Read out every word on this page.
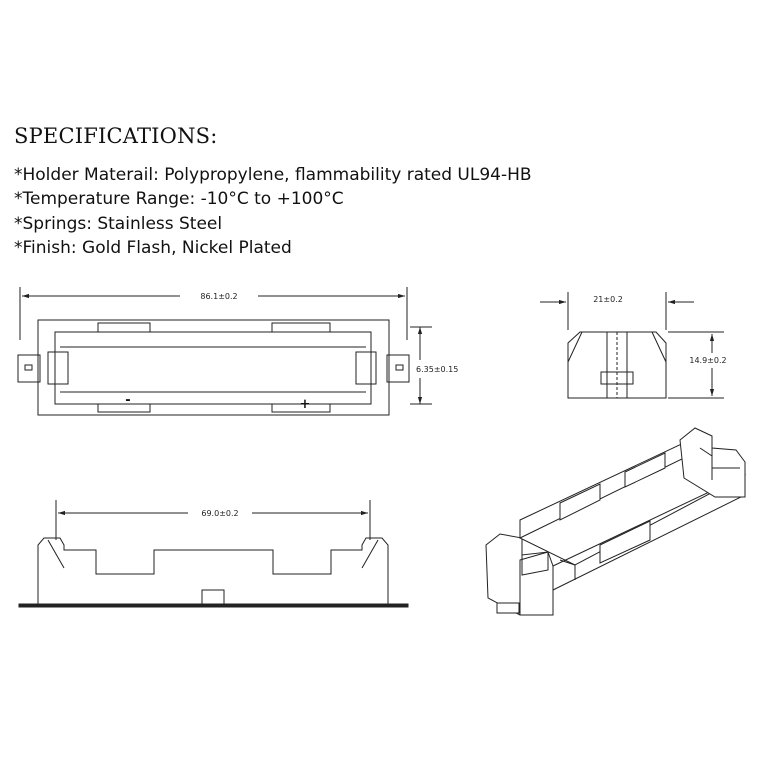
SPECIFICATIONS:
*Holder Materail: Polypropylene, flammability rated UL94-HB
*Temperature Range: -10°C to +100°C
*Springs: Stainless Steel
*Finish: Gold Flash, Nickel Plated
86.1±0.2
6.35±0.15
-	+
21±0.2
14.9±0.2
69.0±0.2
